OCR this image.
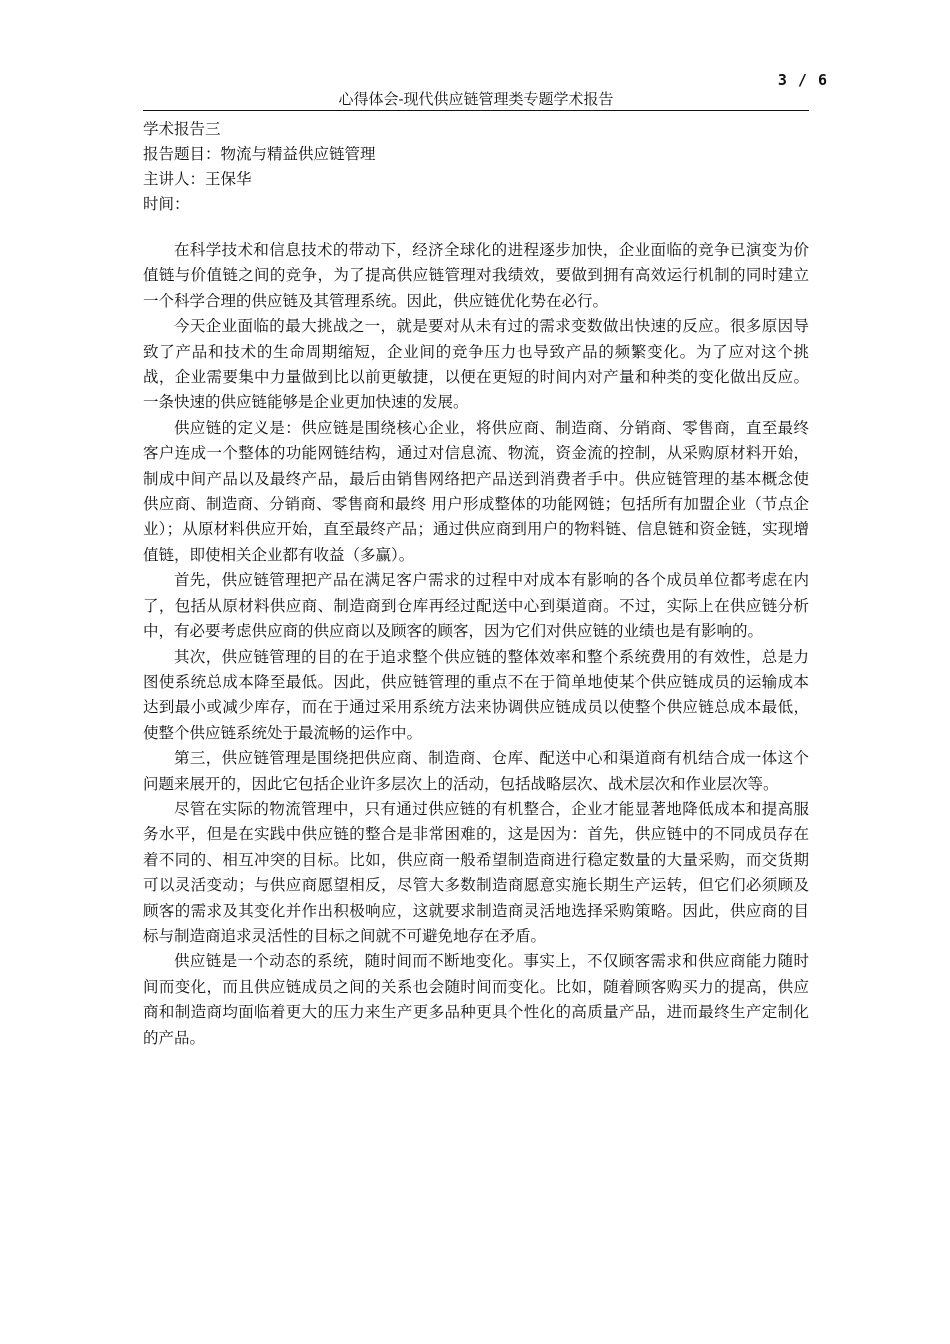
3 / 6
心得体会-现代供应链管理类专题学术报告

学术报告三

报告题目：物流与精益供应链管理

主讲人：王保华

时间：

在科学技术和信息技术的带动下，经济全球化的进程逐步加快，企业面临的竞争已演变为价值链与价值链之间的竞争，为了提高供应链管理对我绩效，要做到拥有高效运行机制的同时建立一个科学合理的供应链及其管理系统。因此，供应链优化势在必行。

今天企业面临的最大挑战之一，就是要对从未有过的需求变数做出快速的反应。很多原因导致了产品和技术的生命周期缩短，企业间的竞争压力也导致产品的频繁变化。为了应对这个挑战，企业需要集中力量做到比以前更敏捷，以便在更短的时间内对产量和种类的变化做出反应。一条快速的供应链能够是企业更加快速的发展。

供应链的定义是：供应链是围绕核心企业，将供应商、制造商、分销商、零售商，直至最终客户连成一个整体的功能网链结构，通过对信息流、物流，资金流的控制，从采购原材料开始，制成中间产品以及最终产品，最后由销售网络把产品送到消费者手中。供应链管理的基本概念使供应商、制造商、分销商、零售商和最终 用户形成整体的功能网链；包括所有加盟企业（节点企业）；从原材料供应开始，直至最终产品；通过供应商到用户的物料链、信息链和资金链，实现增值链，即使相关企业都有收益（多赢）。

首先，供应链管理把产品在满足客户需求的过程中对成本有影响的各个成员单位都考虑在内了，包括从原材料供应商、制造商到仓库再经过配送中心到渠道商。不过，实际上在供应链分析中，有必要考虑供应商的供应商以及顾客的顾客，因为它们对供应链的业绩也是有影响的。

其次，供应链管理的目的在于追求整个供应链的整体效率和整个系统费用的有效性，总是力图使系统总成本降至最低。因此，供应链管理的重点不在于简单地使某个供应链成员的运输成本达到最小或减少库存，而在于通过采用系统方法来协调供应链成员以使整个供应链总成本最低，使整个供应链系统处于最流畅的运作中。

第三，供应链管理是围绕把供应商、制造商、仓库、配送中心和渠道商有机结合成一体这个问题来展开的，因此它包括企业许多层次上的活动，包括战略层次、战术层次和作业层次等。

尽管在实际的物流管理中，只有通过供应链的有机整合，企业才能显著地降低成本和提高服务水平，但是在实践中供应链的整合是非常困难的，这是因为：首先，供应链中的不同成员存在着不同的、相互冲突的目标。比如，供应商一般希望制造商进行稳定数量的大量采购，而交货期可以灵活变动；与供应商愿望相反，尽管大多数制造商愿意实施长期生产运转，但它们必须顾及顾客的需求及其变化并作出积极响应，这就要求制造商灵活地选择采购策略。因此，供应商的目标与制造商追求灵活性的目标之间就不可避免地存在矛盾。

供应链是一个动态的系统，随时间而不断地变化。事实上，不仅顾客需求和供应商能力随时间而变化，而且供应链成员之间的关系也会随时间而变化。比如，随着顾客购买力的提高，供应商和制造商均面临着更大的压力来生产更多品种更具个性化的高质量产品，进而最终生产定制化的产品。
